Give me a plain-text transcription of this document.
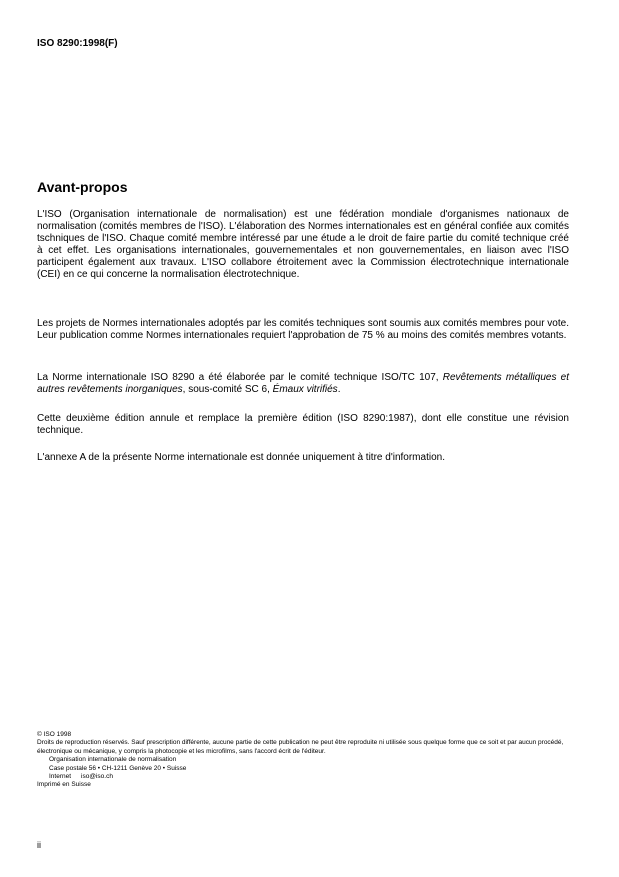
ISO 8290:1998(F)
Avant-propos
L'ISO (Organisation internationale de normalisation) est une fédération mondiale d'organismes nationaux de normalisation (comités membres de l'ISO). L'élaboration des Normes internationales est en général confiée aux comités tschniques de l'ISO. Chaque comité membre intéressé par une étude a le droit de faire partie du comité technique créé à cet effet. Les organisations internationales, gouvernementales et non gouvernementales, en liaison avec l'ISO participent également aux travaux. L'ISO collabore étroitement avec la Commission électrotechnique internationale (CEI) en ce qui concerne la normalisation électrotechnique.
Les projets de Normes internationales adoptés par les comités techniques sont soumis aux comités membres pour vote. Leur publication comme Normes internationales requiert l'approbation de 75 % au moins des comités membres votants.
La Norme internationale ISO 8290 a été élaborée par le comité technique ISO/TC 107, Revêtements métalliques et autres revêtements inorganiques, sous-comité SC 6, Émaux vitrifiés.
Cette deuxième édition annule et remplace la première édition (ISO 8290:1987), dont elle constitue une révision technique.
L'annexe A de la présente Norme internationale est donnée uniquement à titre d'information.
© ISO 1998
Droits de reproduction réservés. Sauf prescription différente, aucune partie de cette publication ne peut être reproduite ni utilisée sous quelque forme que ce soit et par aucun procédé, électronique ou mécanique, y compris la photocopie et les microfilms, sans l'accord écrit de l'éditeur.
Organisation internationale de normalisation
Case postale 56 • CH-1211 Genève 20 • Suisse
Internet iso@iso.ch
Imprimé en Suisse
ii
